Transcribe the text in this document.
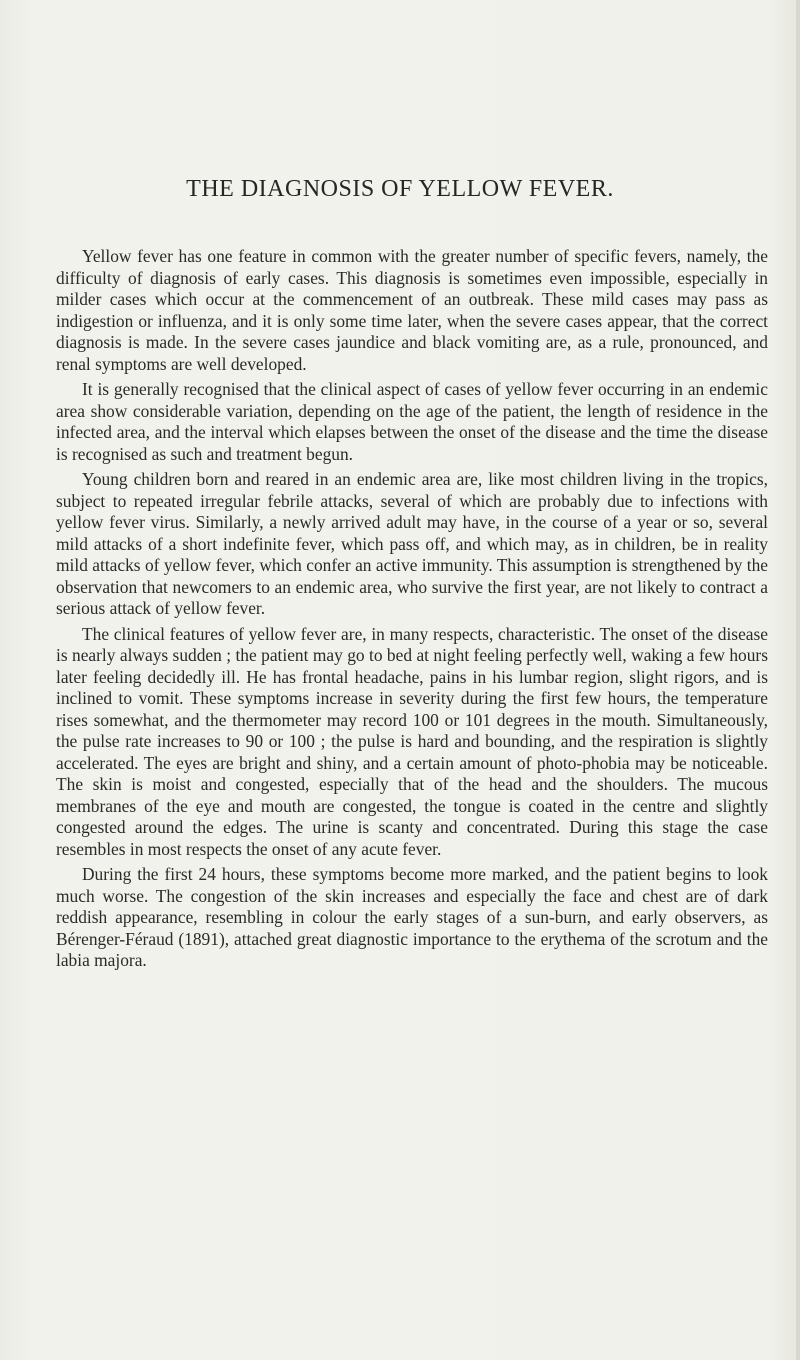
THE DIAGNOSIS OF YELLOW FEVER.

Yellow fever has one feature in common with the greater number of specific fevers, namely, the difficulty of diagnosis of early cases. This diagnosis is sometimes even impossible, especially in milder cases which occur at the commencement of an outbreak. These mild cases may pass as indigestion or influenza, and it is only some time later, when the severe cases appear, that the correct diagnosis is made. In the severe cases jaundice and black vomiting are, as a rule, pronounced, and renal symptoms are well developed.

It is generally recognised that the clinical aspect of cases of yellow fever occurring in an endemic area show considerable variation, depending on the age of the patient, the length of residence in the infected area, and the interval which elapses between the onset of the disease and the time the disease is recognised as such and treatment begun.

Young children born and reared in an endemic area are, like most children living in the tropics, subject to repeated irregular febrile attacks, several of which are probably due to infections with yellow fever virus. Similarly, a newly arrived adult may have, in the course of a year or so, several mild attacks of a short indefinite fever, which pass off, and which may, as in children, be in reality mild attacks of yellow fever, which confer an active immunity. This assumption is strengthened by the observation that newcomers to an endemic area, who survive the first year, are not likely to contract a serious attack of yellow fever.

The clinical features of yellow fever are, in many respects, characteristic. The onset of the disease is nearly always sudden ; the patient may go to bed at night feeling perfectly well, waking a few hours later feeling decidedly ill. He has frontal headache, pains in his lumbar region, slight rigors, and is inclined to vomit. These symptoms increase in severity during the first few hours, the temperature rises somewhat, and the thermometer may record 100 or 101 degrees in the mouth. Simultaneously, the pulse rate increases to 90 or 100 ; the pulse is hard and bounding, and the respiration is slightly accelerated. The eyes are bright and shiny, and a certain amount of photo-phobia may be noticeable. The skin is moist and congested, especially that of the head and the shoulders. The mucous membranes of the eye and mouth are congested, the tongue is coated in the centre and slightly congested around the edges. The urine is scanty and concentrated. During this stage the case resembles in most respects the onset of any acute fever.

During the first 24 hours, these symptoms become more marked, and the patient begins to look much worse. The congestion of the skin increases and especially the face and chest are of dark reddish appearance, resembling in colour the early stages of a sun-burn, and early observers, as Bérenger-Féraud (1891), attached great diagnostic importance to the erythema of the scrotum and the labia majora.
